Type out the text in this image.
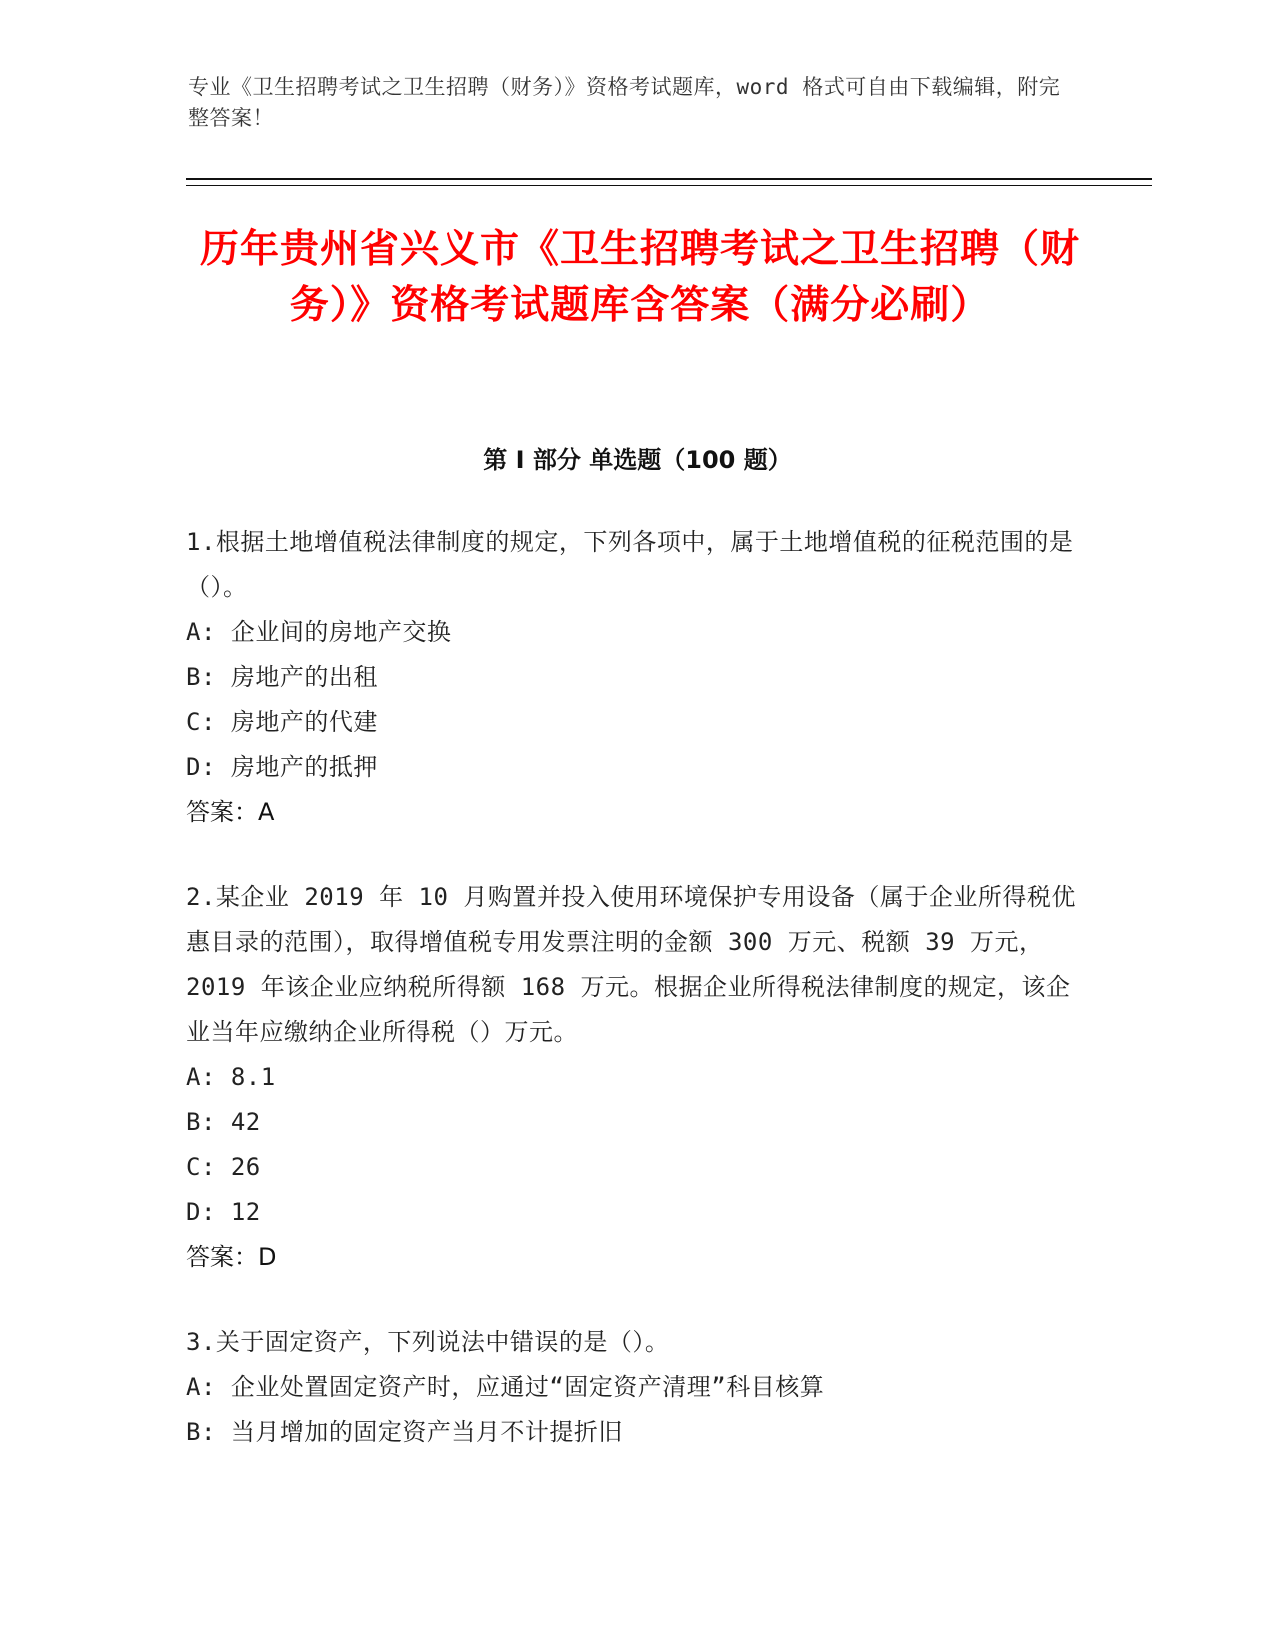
专业《卫生招聘考试之卫生招聘（财务）》资格考试题库，word 格式可自由下载编辑，附完整答案！
历年贵州省兴义市《卫生招聘考试之卫生招聘（财务）》资格考试题库含答案（满分必刷）
第 I 部分 单选题（100 题）

1.根据土地增值税法律制度的规定，下列各项中，属于土地增值税的征税范围的是（）。

A: 企业间的房地产交换

B: 房地产的出租

C: 房地产的代建

D: 房地产的抵押

答案：A

2.某企业 2019 年 10 月购置并投入使用环境保护专用设备（属于企业所得税优惠目录的范围），取得增值税专用发票注明的金额 300 万元、税额 39 万元，2019 年该企业应纳税所得额 168 万元。根据企业所得税法律制度的规定，该企业当年应缴纳企业所得税（）万元。

A: 8.1

B: 42

C: 26

D: 12

答案：D

3.关于固定资产，下列说法中错误的是（）。

A: 企业处置固定资产时，应通过“固定资产清理”科目核算

B: 当月增加的固定资产当月不计提折旧
